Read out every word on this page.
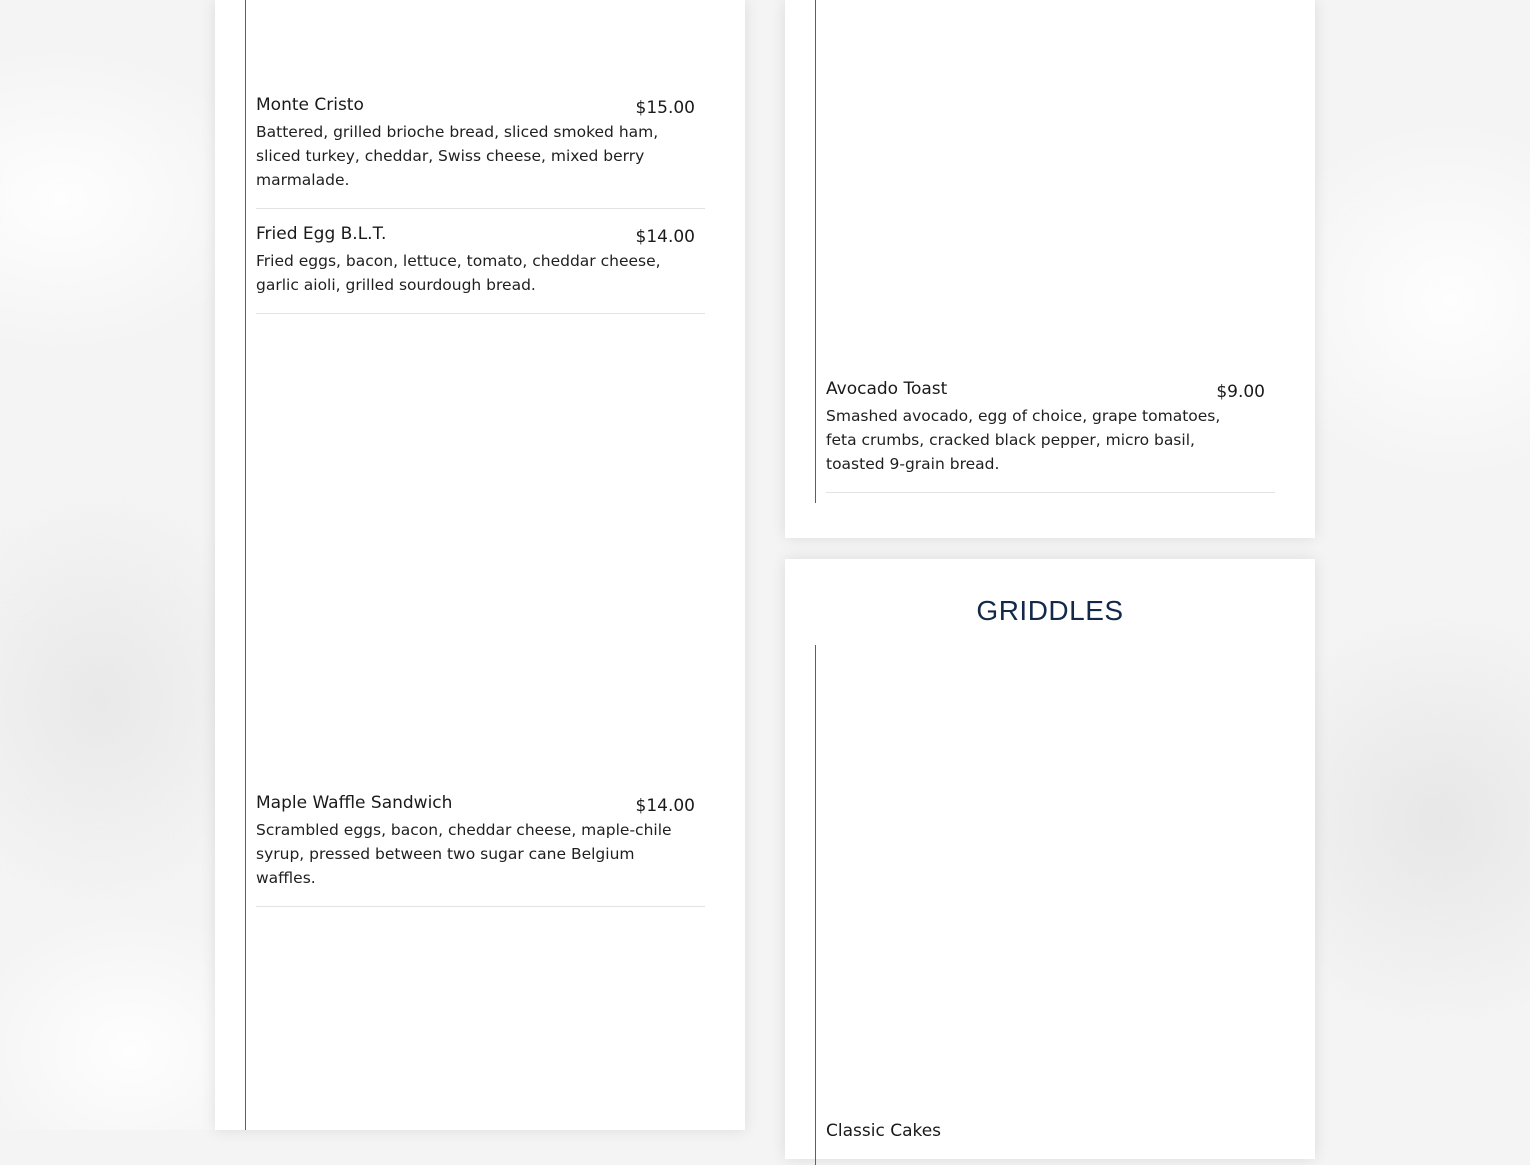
Monte Cristo	$15.00
Battered, grilled brioche bread, sliced smoked ham, sliced turkey, cheddar, Swiss cheese, mixed berry marmalade.
Fried Egg B.L.T.	$14.00
Fried eggs, bacon, lettuce, tomato, cheddar cheese, garlic aioli, grilled sourdough bread.
Maple Waffle Sandwich	$14.00
Scrambled eggs, bacon, cheddar cheese, maple-chile syrup, pressed between two sugar cane Belgium waffles.
Avocado Toast	$9.00
Smashed avocado, egg of choice, grape tomatoes, feta crumbs, cracked black pepper, micro basil, toasted 9-grain bread.
GRIDDLES
Classic Cakes
